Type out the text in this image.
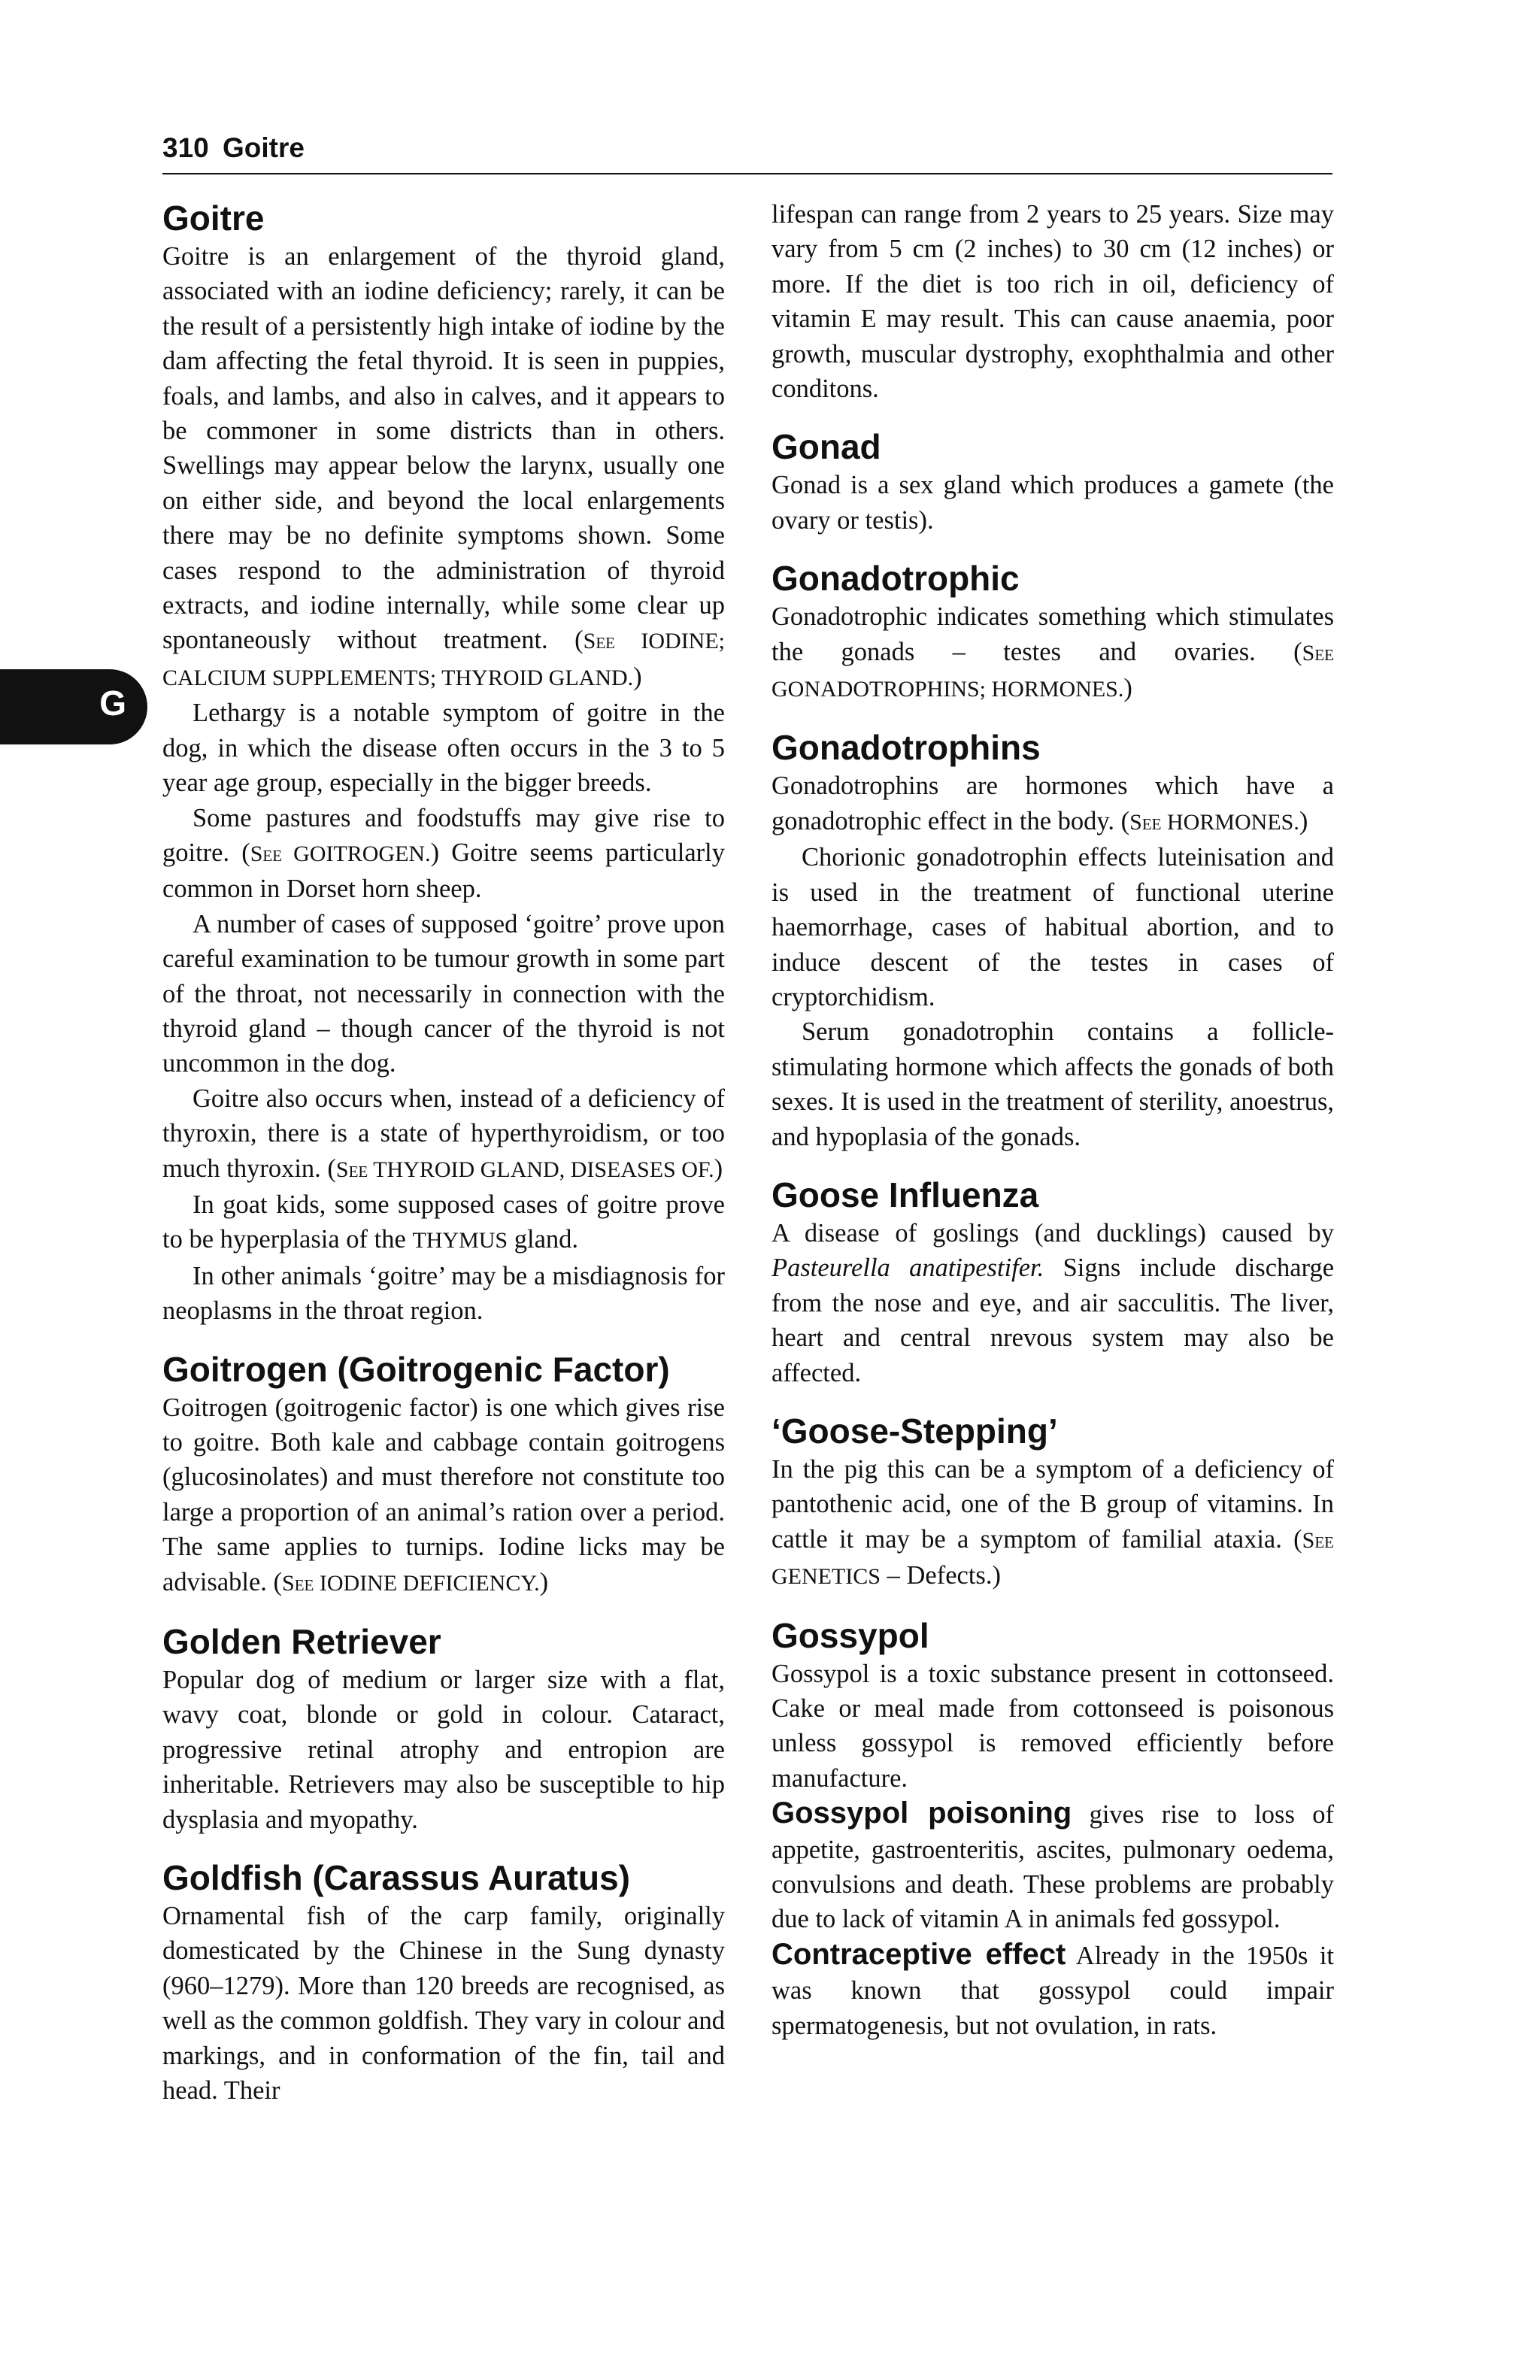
310 Goitre
G
Goitre

Goitre is an enlargement of the thyroid gland, associated with an iodine deficiency; rarely, it can be the result of a persistently high intake of iodine by the dam affecting the fetal thyroid. It is seen in puppies, foals, and lambs, and also in calves, and it appears to be commoner in some districts than in others. Swellings may appear below the larynx, usually one on either side, and beyond the local enlargements there may be no definite symptoms shown. Some cases respond to the administration of thyroid extracts, and iodine internally, while some clear up spontaneously without treatment. (See IODINE; CALCIUM SUPPLEMENTS; THYROID GLAND.)

Lethargy is a notable symptom of goitre in the dog, in which the disease often occurs in the 3 to 5 year age group, especially in the bigger breeds.

Some pastures and foodstuffs may give rise to goitre. (See GOITROGEN.) Goitre seems particularly common in Dorset horn sheep.

A number of cases of supposed ‘goitre’ prove upon careful examination to be tumour growth in some part of the throat, not necessarily in connection with the thyroid gland – though cancer of the thyroid is not uncommon in the dog.

Goitre also occurs when, instead of a deficiency of thyroxin, there is a state of hyperthyroidism, or too much thyroxin. (See THYROID GLAND, DISEASES OF.)

In goat kids, some supposed cases of goitre prove to be hyperplasia of the THYMUS gland.

In other animals ‘goitre’ may be a misdiagnosis for neoplasms in the throat region.

Goitrogen (Goitrogenic Factor)

Goitrogen (goitrogenic factor) is one which gives rise to goitre. Both kale and cabbage contain goitrogens (glucosinolates) and must therefore not constitute too large a proportion of an animal’s ration over a period. The same applies to turnips. Iodine licks may be advisable. (See IODINE DEFICIENCY.)

Golden Retriever

Popular dog of medium or larger size with a flat, wavy coat, blonde or gold in colour. Cataract, progressive retinal atrophy and entropion are inheritable. Retrievers may also be susceptible to hip dysplasia and myopathy.

Goldfish (Carassus Auratus)

Ornamental fish of the carp family, originally domesticated by the Chinese in the Sung dynasty (960–1279). More than 120 breeds are recognised, as well as the common goldfish. They vary in colour and markings, and in conformation of the fin, tail and head. Their

lifespan can range from 2 years to 25 years. Size may vary from 5 cm (2 inches) to 30 cm (12 inches) or more. If the diet is too rich in oil, deficiency of vitamin E may result. This can cause anaemia, poor growth, muscular dystrophy, exophthalmia and other conditons.

Gonad

Gonad is a sex gland which produces a gamete (the ovary or testis).

Gonadotrophic

Gonadotrophic indicates something which stimulates the gonads – testes and ovaries. (See GONADOTROPHINS; HORMONES.)

Gonadotrophins

Gonadotrophins are hormones which have a gonadotrophic effect in the body. (See HORMONES.)

Chorionic gonadotrophin effects luteinisation and is used in the treatment of functional uterine haemorrhage, cases of habitual abortion, and to induce descent of the testes in cases of cryptorchidism.

Serum gonadotrophin contains a follicle-stimulating hormone which affects the gonads of both sexes. It is used in the treatment of sterility, anoestrus, and hypoplasia of the gonads.

Goose Influenza

A disease of goslings (and ducklings) caused by Pasteurella anatipestifer. Signs include discharge from the nose and eye, and air sacculitis. The liver, heart and central nrevous system may also be affected.

‘Goose-Stepping’

In the pig this can be a symptom of a deficiency of pantothenic acid, one of the B group of vitamins. In cattle it may be a symptom of familial ataxia. (See GENETICS – Defects.)

Gossypol

Gossypol is a toxic substance present in cottonseed. Cake or meal made from cottonseed is poisonous unless gossypol is removed efficiently before manufacture.

Gossypol poisoning gives rise to loss of appetite, gastroenteritis, ascites, pulmonary oedema, convulsions and death. These problems are probably due to lack of vitamin A in animals fed gossypol.

Contraceptive effect Already in the 1950s it was known that gossypol could impair spermatogenesis, but not ovulation, in rats.
